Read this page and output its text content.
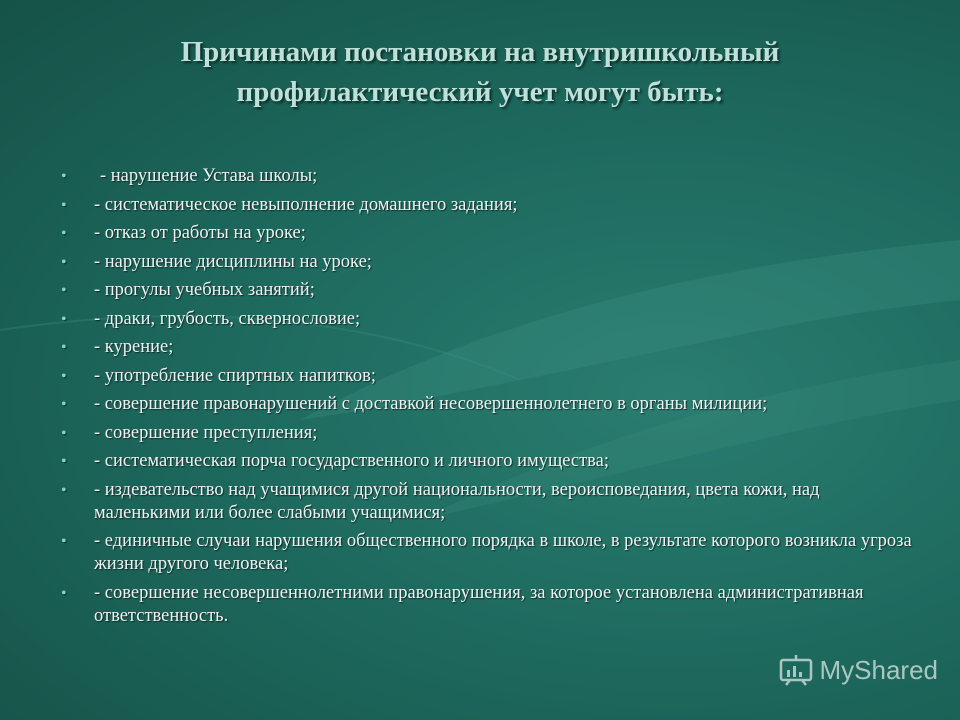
Причинами постановки на внутришкольный
профилактический учет могут быть:
• - нарушение Устава школы;
• - систематическое невыполнение домашнего задания;
• - отказ от работы на уроке;
• - нарушение дисциплины на уроке;
• - прогулы учебных занятий;
• - драки, грубость, сквернословие;
• - курение;
• - употребление спиртных напитков;
• - совершение правонарушений с доставкой несовершеннолетнего в органы милиции;
• - совершение преступления;
• - систематическая порча государственного и личного имущества;
• - издевательство над учащимися другой национальности, вероисповедания, цвета кожи, над маленькими или более слабыми учащимися;
• - единичные случаи нарушения общественного порядка в школе, в результате которого возникла угроза жизни другого человека;
• - совершение несовершеннолетними правонарушения, за которое установлена административная ответственность.
MyShared
